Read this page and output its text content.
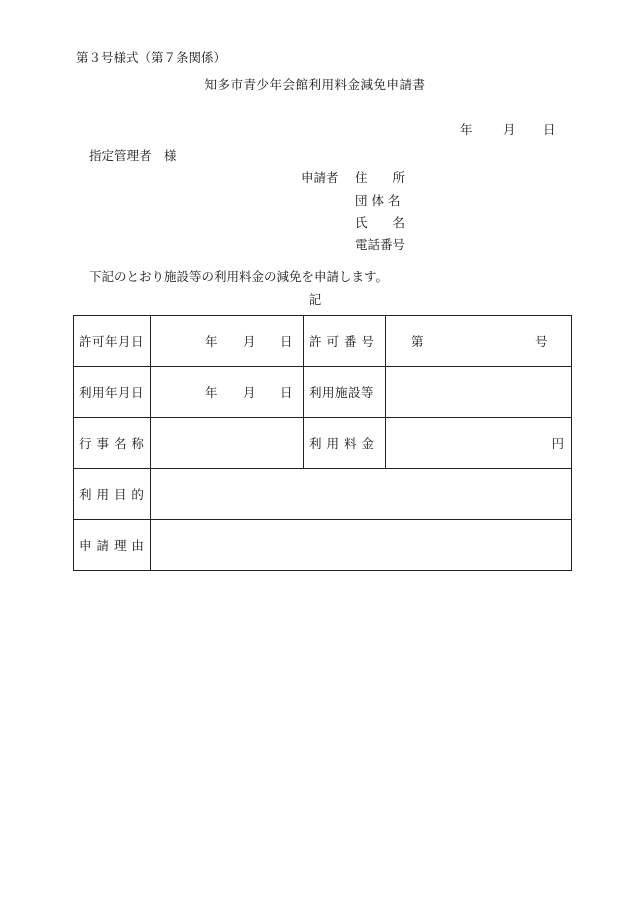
第３号様式（第７条関係）
知多市青少年会館利用料金減免申請書
年 月 日
指定管理者　様
申請者 住　　所
団 体 名
氏　　名
電話番号
下記のとおり施設等の利用料金の減免を申請します。
記
許可年月日	年 月 日	許 可 番 号	第 号

利用年月日	年 月 日	利用施設等	
行 事 名 称		利 用 料 金	円
利 用 目 的			
申 請 理 由			
